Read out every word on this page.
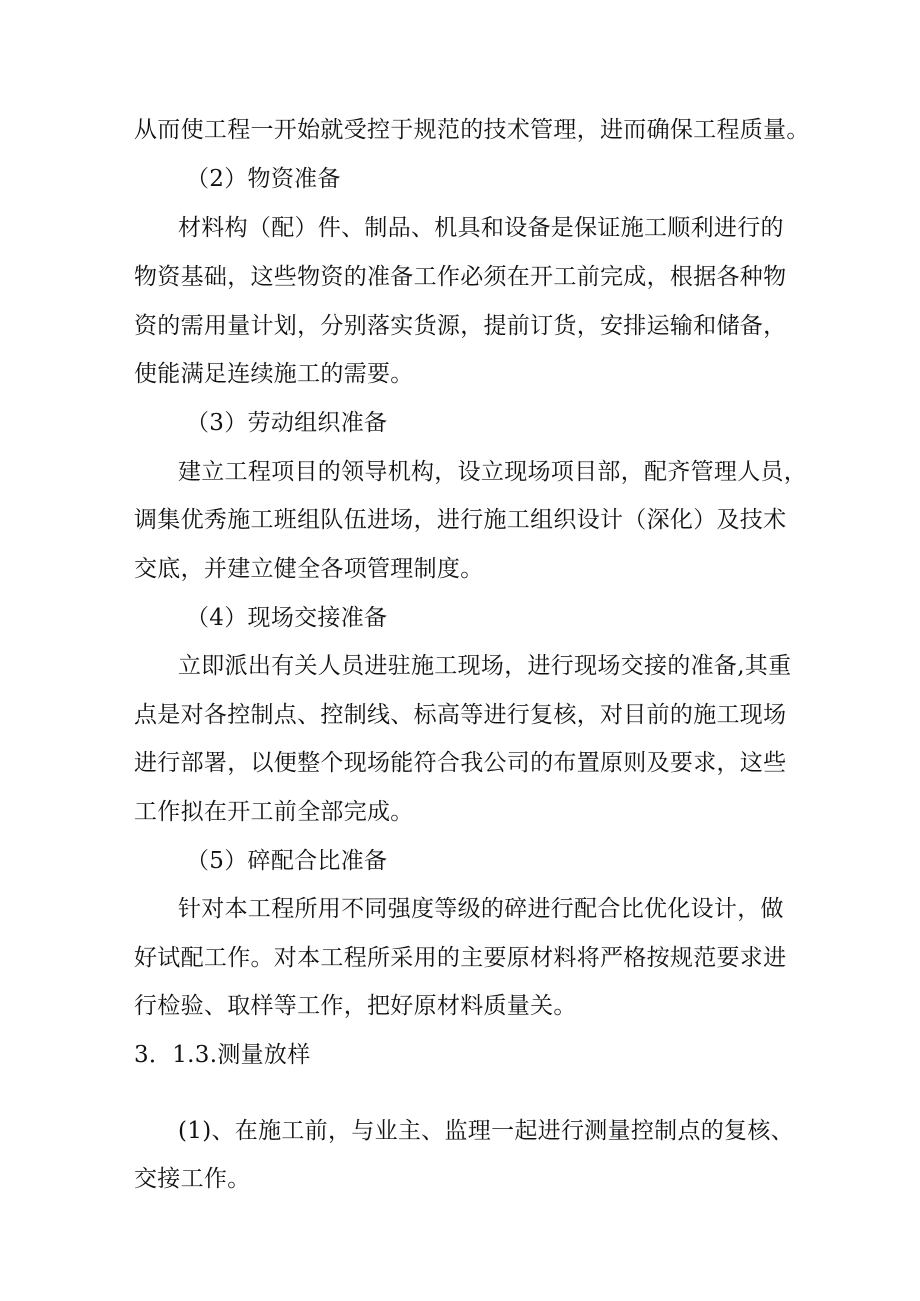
从而使工程一开始就受控于规范的技术管理，进而确保工程质量。
（2）物资准备
材料构（配）件、制品、机具和设备是保证施工顺利进行的
物资基础，这些物资的准备工作必须在开工前完成，根据各种物
资的需用量计划，分别落实货源，提前订货，安排运输和储备，
使能满足连续施工的需要。
（3）劳动组织准备
建立工程项目的领导机构，设立现场项目部，配齐管理人员，
调集优秀施工班组队伍进场，进行施工组织设计（深化）及技术
交底，并建立健全各项管理制度。
（4）现场交接准备
立即派出有关人员进驻施工现场，进行现场交接的准备,其重
点是对各控制点、控制线、标高等进行复核，对目前的施工现场
进行部署，以便整个现场能符合我公司的布置原则及要求，这些
工作拟在开工前全部完成。
（5）碎配合比准备
针对本工程所用不同强度等级的碎进行配合比优化设计，做
好试配工作。对本工程所采用的主要原材料将严格按规范要求进
行检验、取样等工作，把好原材料质量关。
3．1.3.测量放样
(1)、在施工前，与业主、监理一起进行测量控制点的复核、
交接工作。
